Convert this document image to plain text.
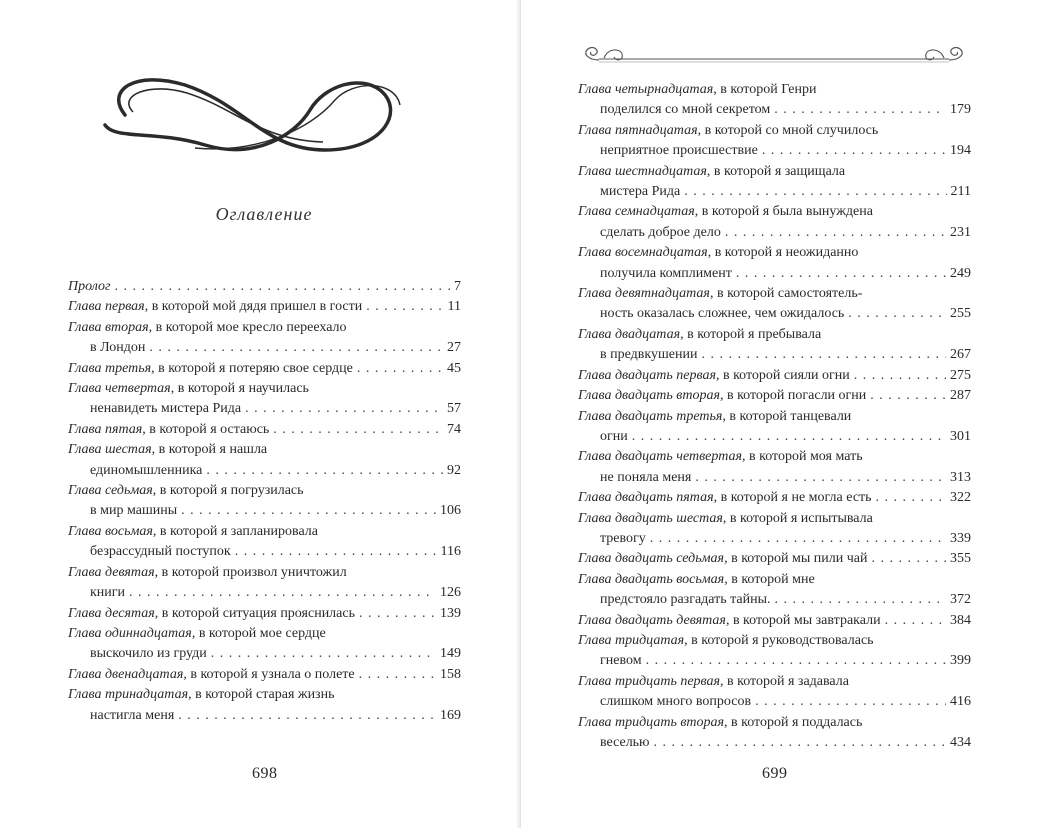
Оглавление
Пролог . . .	7
Глава первая , в которой мой дядя пришел в гости . . .	11
Глава вторая , в которой мое кресло переехало
в Лондон . . .	27
Глава третья , в которой я потеряю свое сердце . . .	45
Глава четвертая , в которой я научилась
ненавидеть мистера Рида . . .	57
Глава пятая , в которой я остаюсь . . .	74
Глава шестая , в которой я нашла
единомышленника . . .	92
Глава седьмая , в которой я погрузилась
в мир машины . . .	106
Глава восьмая , в которой я запланировала
безрассудный поступок . . .	116
Глава девятая , в которой произвол уничтожил
книги . . .	126
Глава десятая , в которой ситуация прояснилась . . .	139
Глава одиннадцатая , в которой мое сердце
выскочило из груди . . .	149
Глава двенадцатая , в которой я узнала о полете . . .	158
Глава тринадцатая , в которой старая жизнь
настигла меня . . .	169
698
Глава четырнадцатая , в которой Генри
поделился со мной секретом . . .	179
Глава пятнадцатая , в которой со мной случилось
неприятное происшествие . . .	194
Глава шестнадцатая , в которой я защищала
мистера Рида . . .	211
Глава семнадцатая , в которой я была вынуждена
сделать доброе дело . . .	231
Глава восемнадцатая , в которой я неожиданно
получила комплимент . . .	249
Глава девятнадцатая , в которой самостоятель-
ность оказалась сложнее, чем ожидалось . . .	255
Глава двадцатая , в которой я пребывала
в предвкушении . . .	267
Глава двадцать первая , в которой сияли огни . . .	275
Глава двадцать вторая , в которой погасли огни . . .	287
Глава двадцать третья , в которой танцевали
огни . . .	301
Глава двадцать четвертая , в которой моя мать
не поняла меня . . .	313
Глава двадцать пятая , в которой я не могла есть . . .	322
Глава двадцать шестая , в которой я испытывала
тревогу . . .	339
Глава двадцать седьмая , в которой мы пили чай . . .	355
Глава двадцать восьмая , в которой мне
предстояло разгадать тайны. . . .	372
Глава двадцать девятая , в которой мы завтракали . . .	384
Глава тридцатая , в которой я руководствовалась
гневом . . .	399
Глава тридцать первая , в которой я задавала
слишком много вопросов . . .	416
Глава тридцать вторая , в которой я поддалась
веселью . . .	434
699
